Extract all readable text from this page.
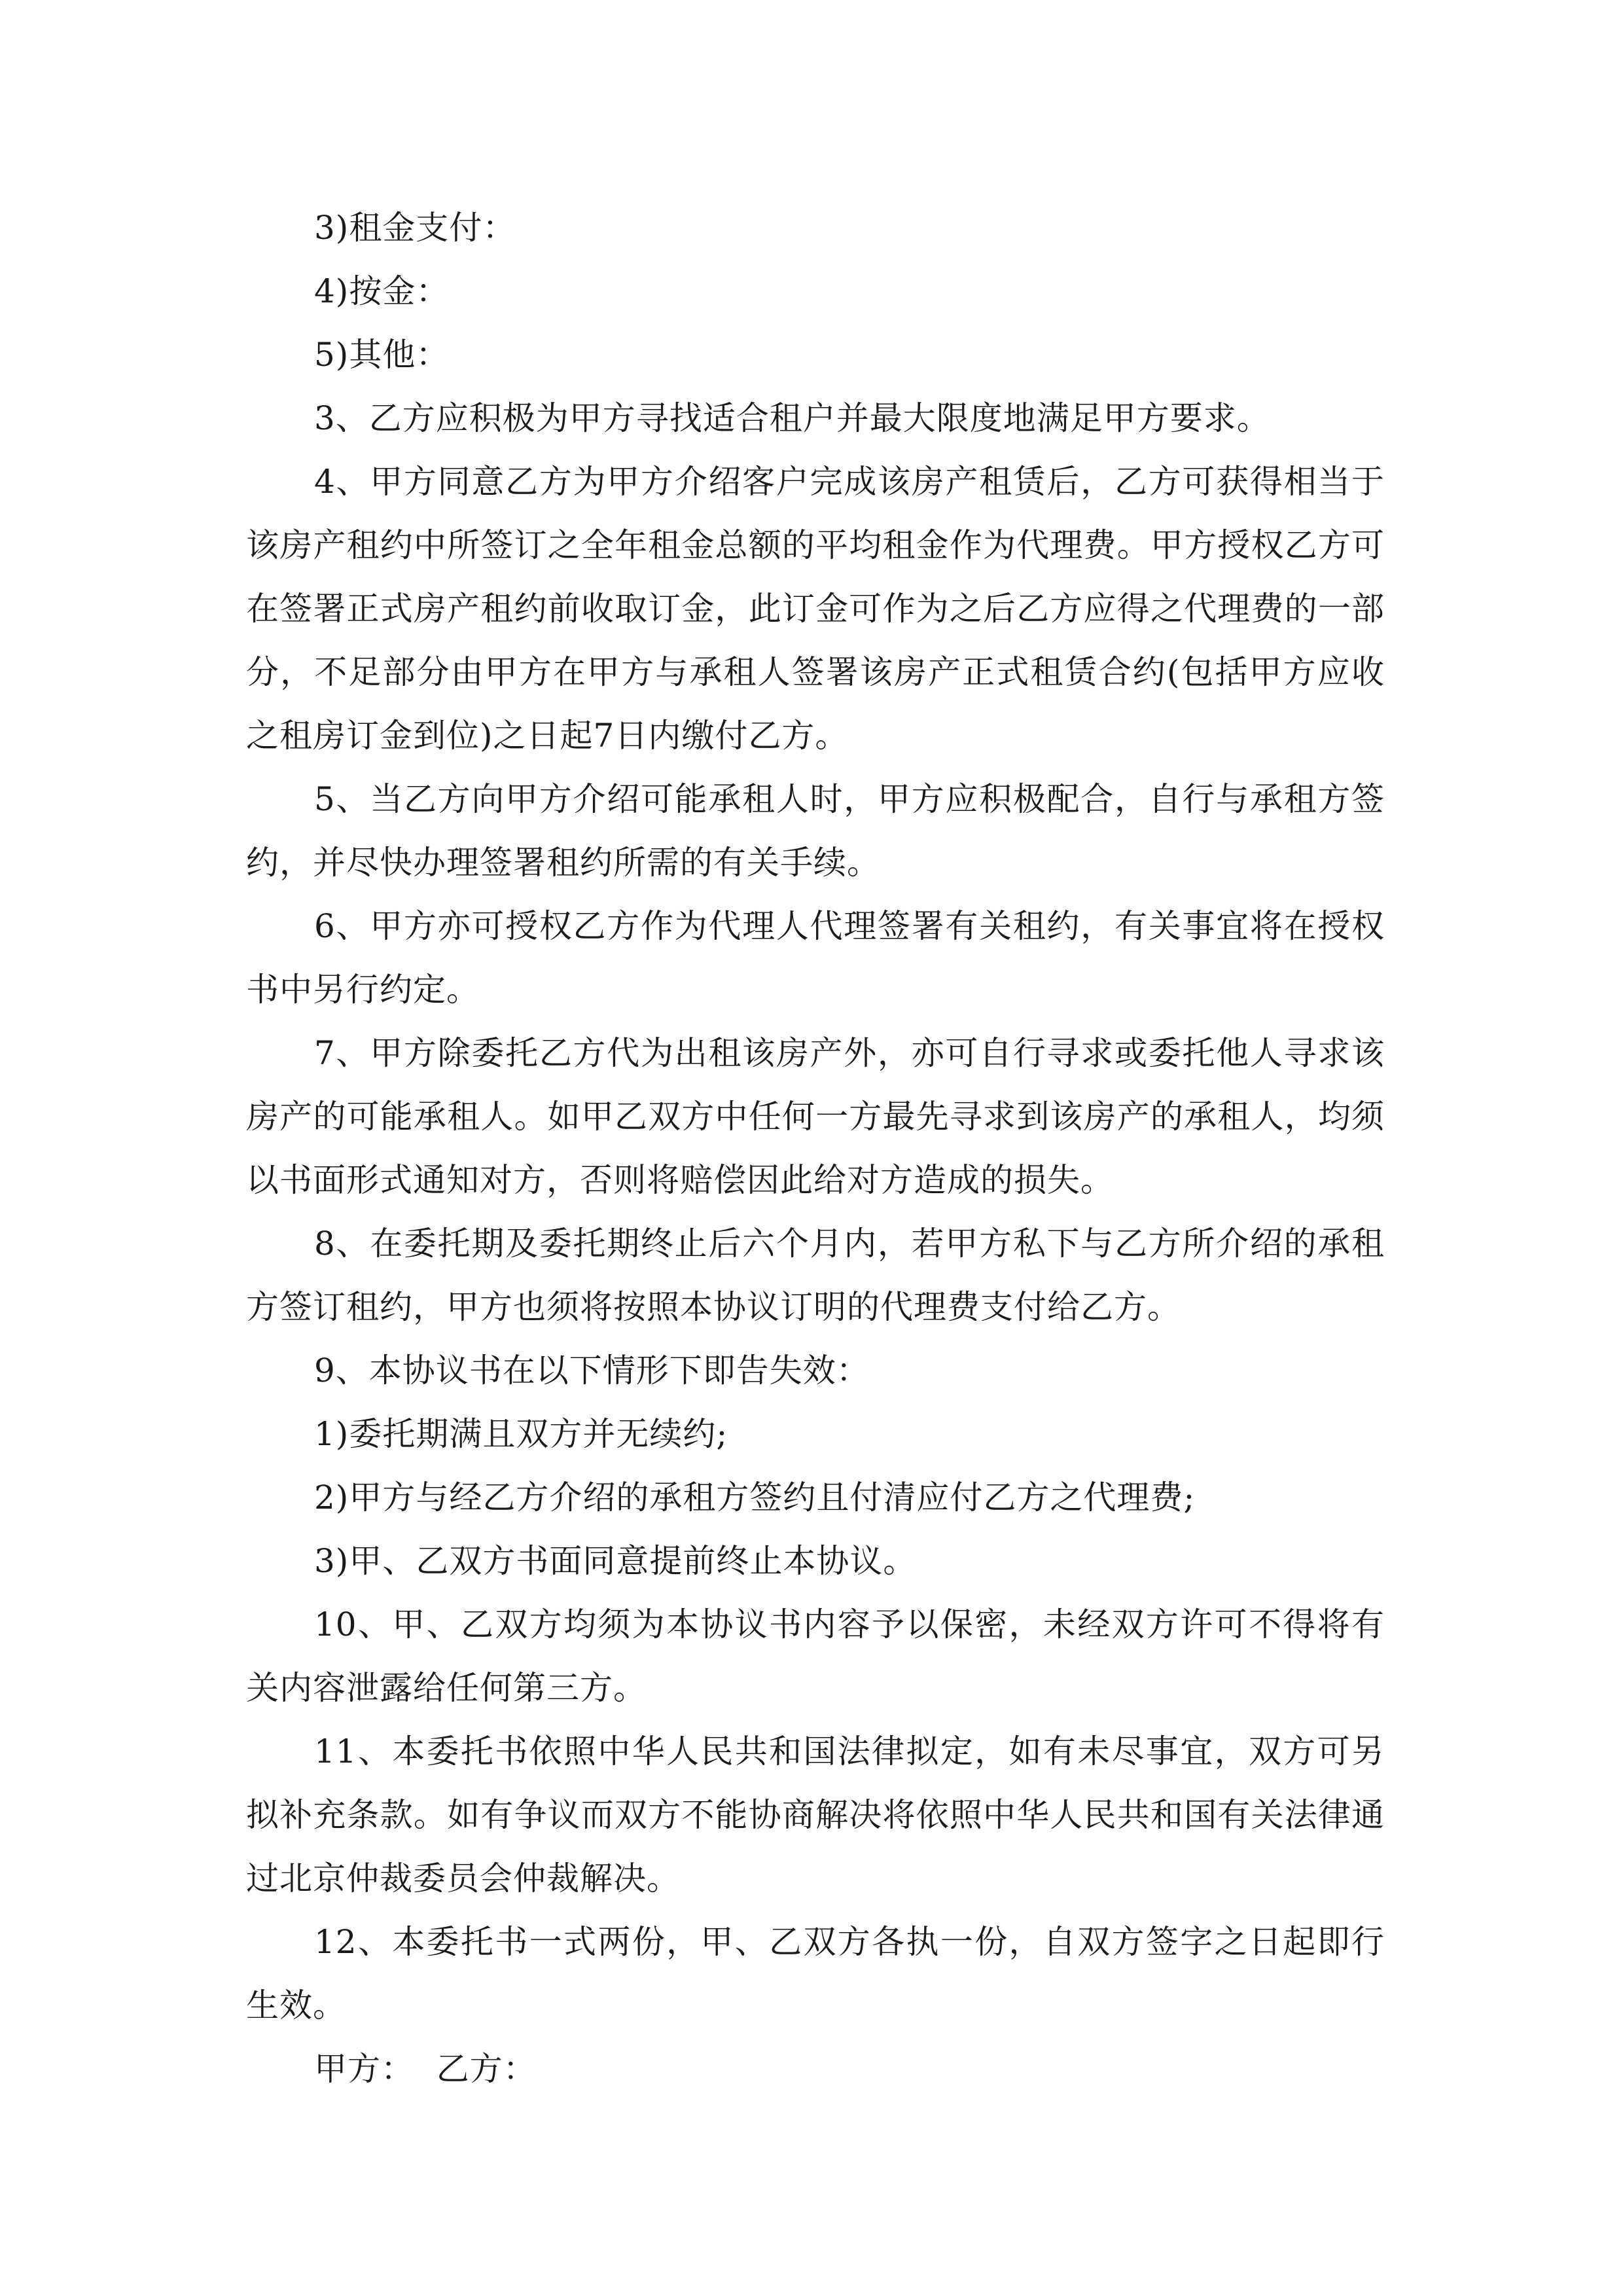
3)租金支付：

4)按金：

5)其他：

3、乙方应积极为甲方寻找适合租户并最大限度地满足甲方要求。

4、甲方同意乙方为甲方介绍客户完成该房产租赁后，乙方可获得相当于该房产租约中所签订之全年租金总额的平均租金作为代理费。甲方授权乙方可在签署正式房产租约前收取订金，此订金可作为之后乙方应得之代理费的一部分，不足部分由甲方在甲方与承租人签署该房产正式租赁合约(包括甲方应收之租房订金到位)之日起7日内缴付乙方。

5、当乙方向甲方介绍可能承租人时，甲方应积极配合，自行与承租方签约，并尽快办理签署租约所需的有关手续。

6、甲方亦可授权乙方作为代理人代理签署有关租约，有关事宜将在授权书中另行约定。

7、甲方除委托乙方代为出租该房产外，亦可自行寻求或委托他人寻求该房产的可能承租人。如甲乙双方中任何一方最先寻求到该房产的承租人，均须以书面形式通知对方，否则将赔偿因此给对方造成的损失。

8、在委托期及委托期终止后六个月内，若甲方私下与乙方所介绍的承租方签订租约，甲方也须将按照本协议订明的代理费支付给乙方。

9、本协议书在以下情形下即告失效：

1)委托期满且双方并无续约;

2)甲方与经乙方介绍的承租方签约且付清应付乙方之代理费;

3)甲、乙双方书面同意提前终止本协议。

10、甲、乙双方均须为本协议书内容予以保密，未经双方许可不得将有关内容泄露给任何第三方。

11、本委托书依照中华人民共和国法律拟定，如有未尽事宜，双方可另拟补充条款。如有争议而双方不能协商解决将依照中华人民共和国有关法律通过北京仲裁委员会仲裁解决。

12、本委托书一式两份，甲、乙双方各执一份，自双方签字之日起即行生效。

甲方： 乙方：
